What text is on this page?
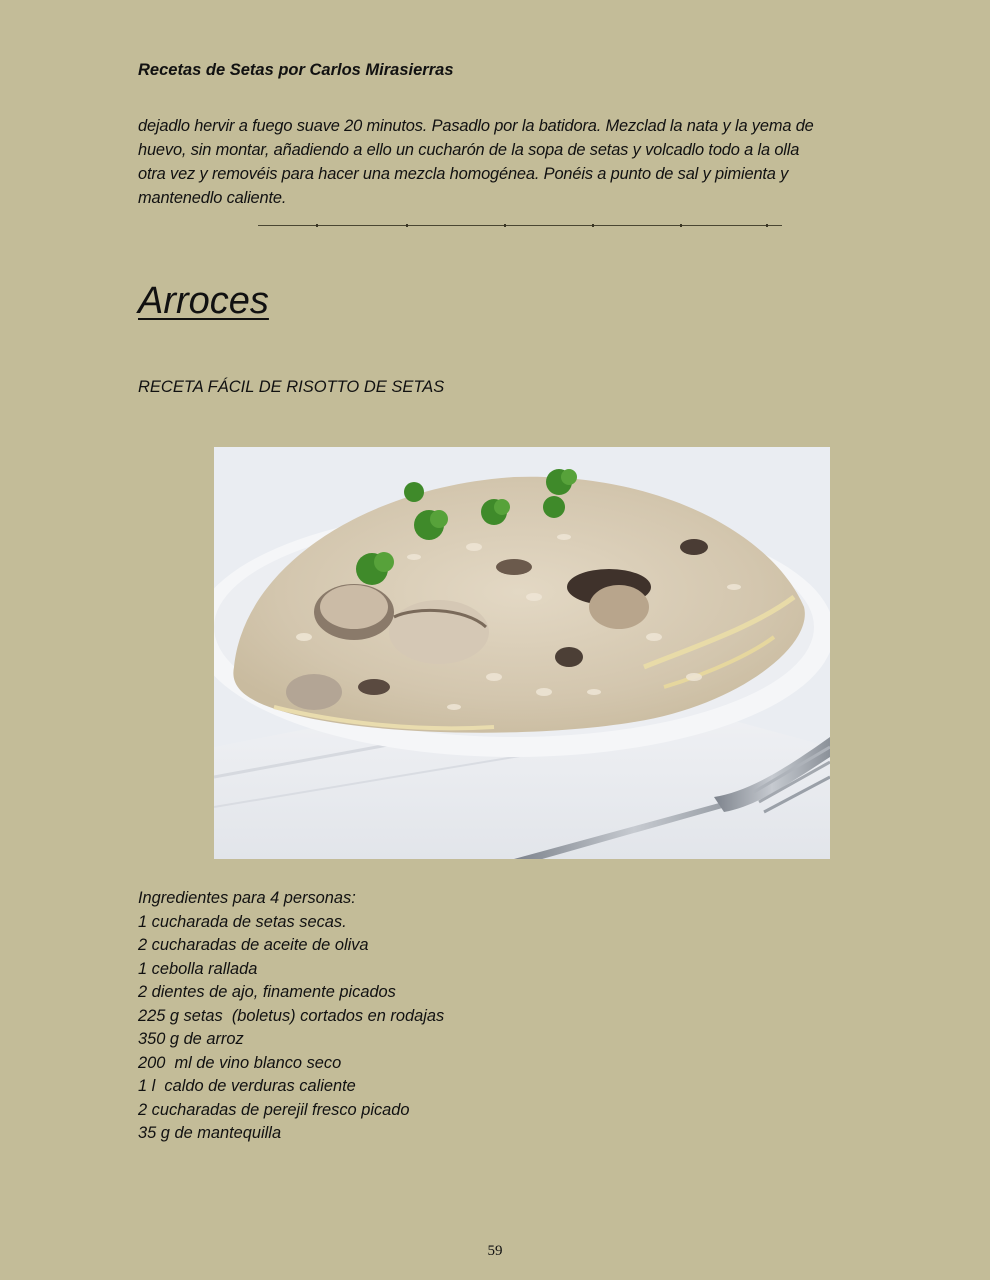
Recetas de Setas por Carlos Mirasierras
dejadlo hervir a fuego suave 20 minutos. Pasadlo por la batidora. Mezclad la nata y la yema de
huevo, sin montar, añadiendo a ello un cucharón de la sopa de setas y volcadlo todo a la olla
otra vez y removéis para hacer una mezcla homogénea. Ponéis a punto de sal y pimienta y
mantenedlo caliente.
Arroces
RECETA FÁCIL DE RISOTTO DE SETAS
Ingredientes para 4 personas:
1 cucharada de setas secas.
2 cucharadas de aceite de oliva
1 cebolla rallada
2 dientes de ajo, finamente picados
225 g setas  (boletus) cortados en rodajas
350 g de arroz
200  ml de vino blanco seco
1 l  caldo de verduras caliente
2 cucharadas de perejil fresco picado
35 g de mantequilla
59
